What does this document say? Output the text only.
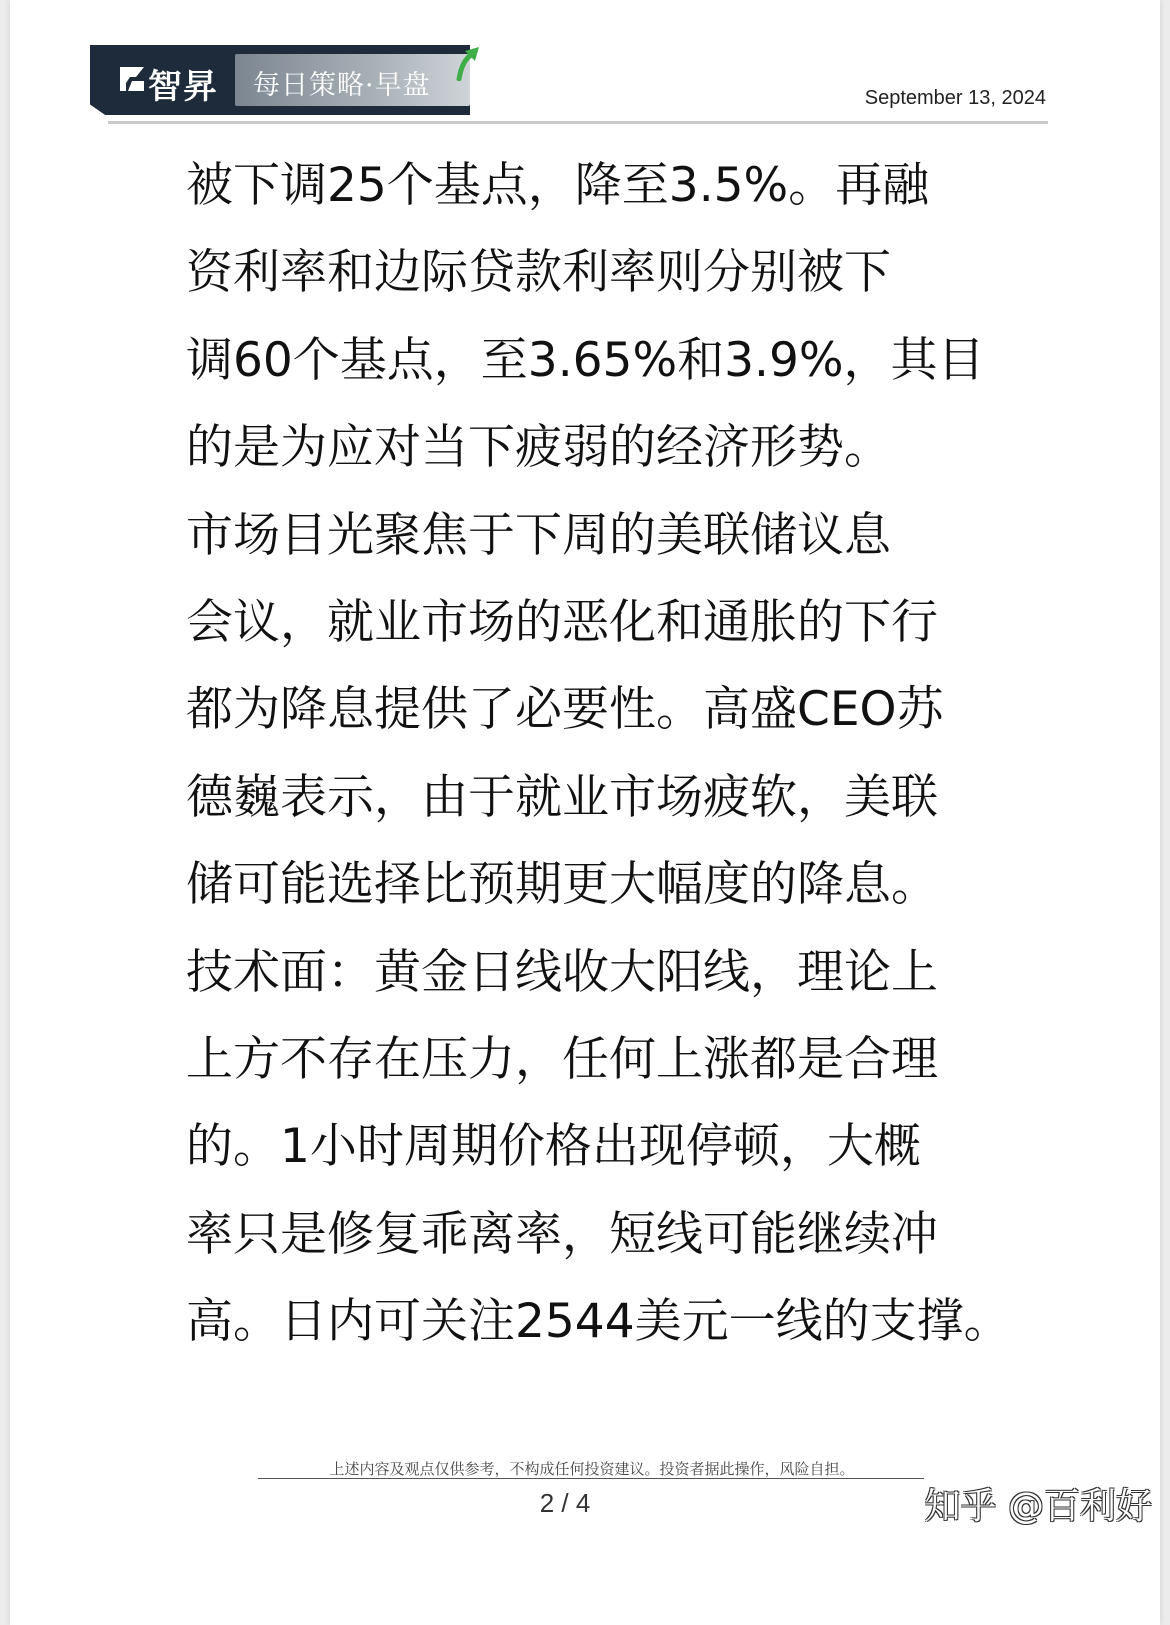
智昇 每日策略·早盘	September 13, 2024
被下调25个基点，降至3.5%。再融
资利率和边际贷款利率则分别被下
调60个基点，至3.65%和3.9%，其目
的是为应对当下疲弱的经济形势。
市场目光聚焦于下周的美联储议息
会议，就业市场的恶化和通胀的下行
都为降息提供了必要性。高盛CEO苏
德巍表示，由于就业市场疲软，美联
储可能选择比预期更大幅度的降息。
技术面：黄金日线收大阳线，理论上
上方不存在压力，任何上涨都是合理
的。1小时周期价格出现停顿，大概
率只是修复乖离率，短线可能继续冲
高。日内可关注2544美元一线的支撑。
上述内容及观点仅供参考，不构成任何投资建议。投资者据此操作，风险自担。
2 / 4	知乎 @百利好
